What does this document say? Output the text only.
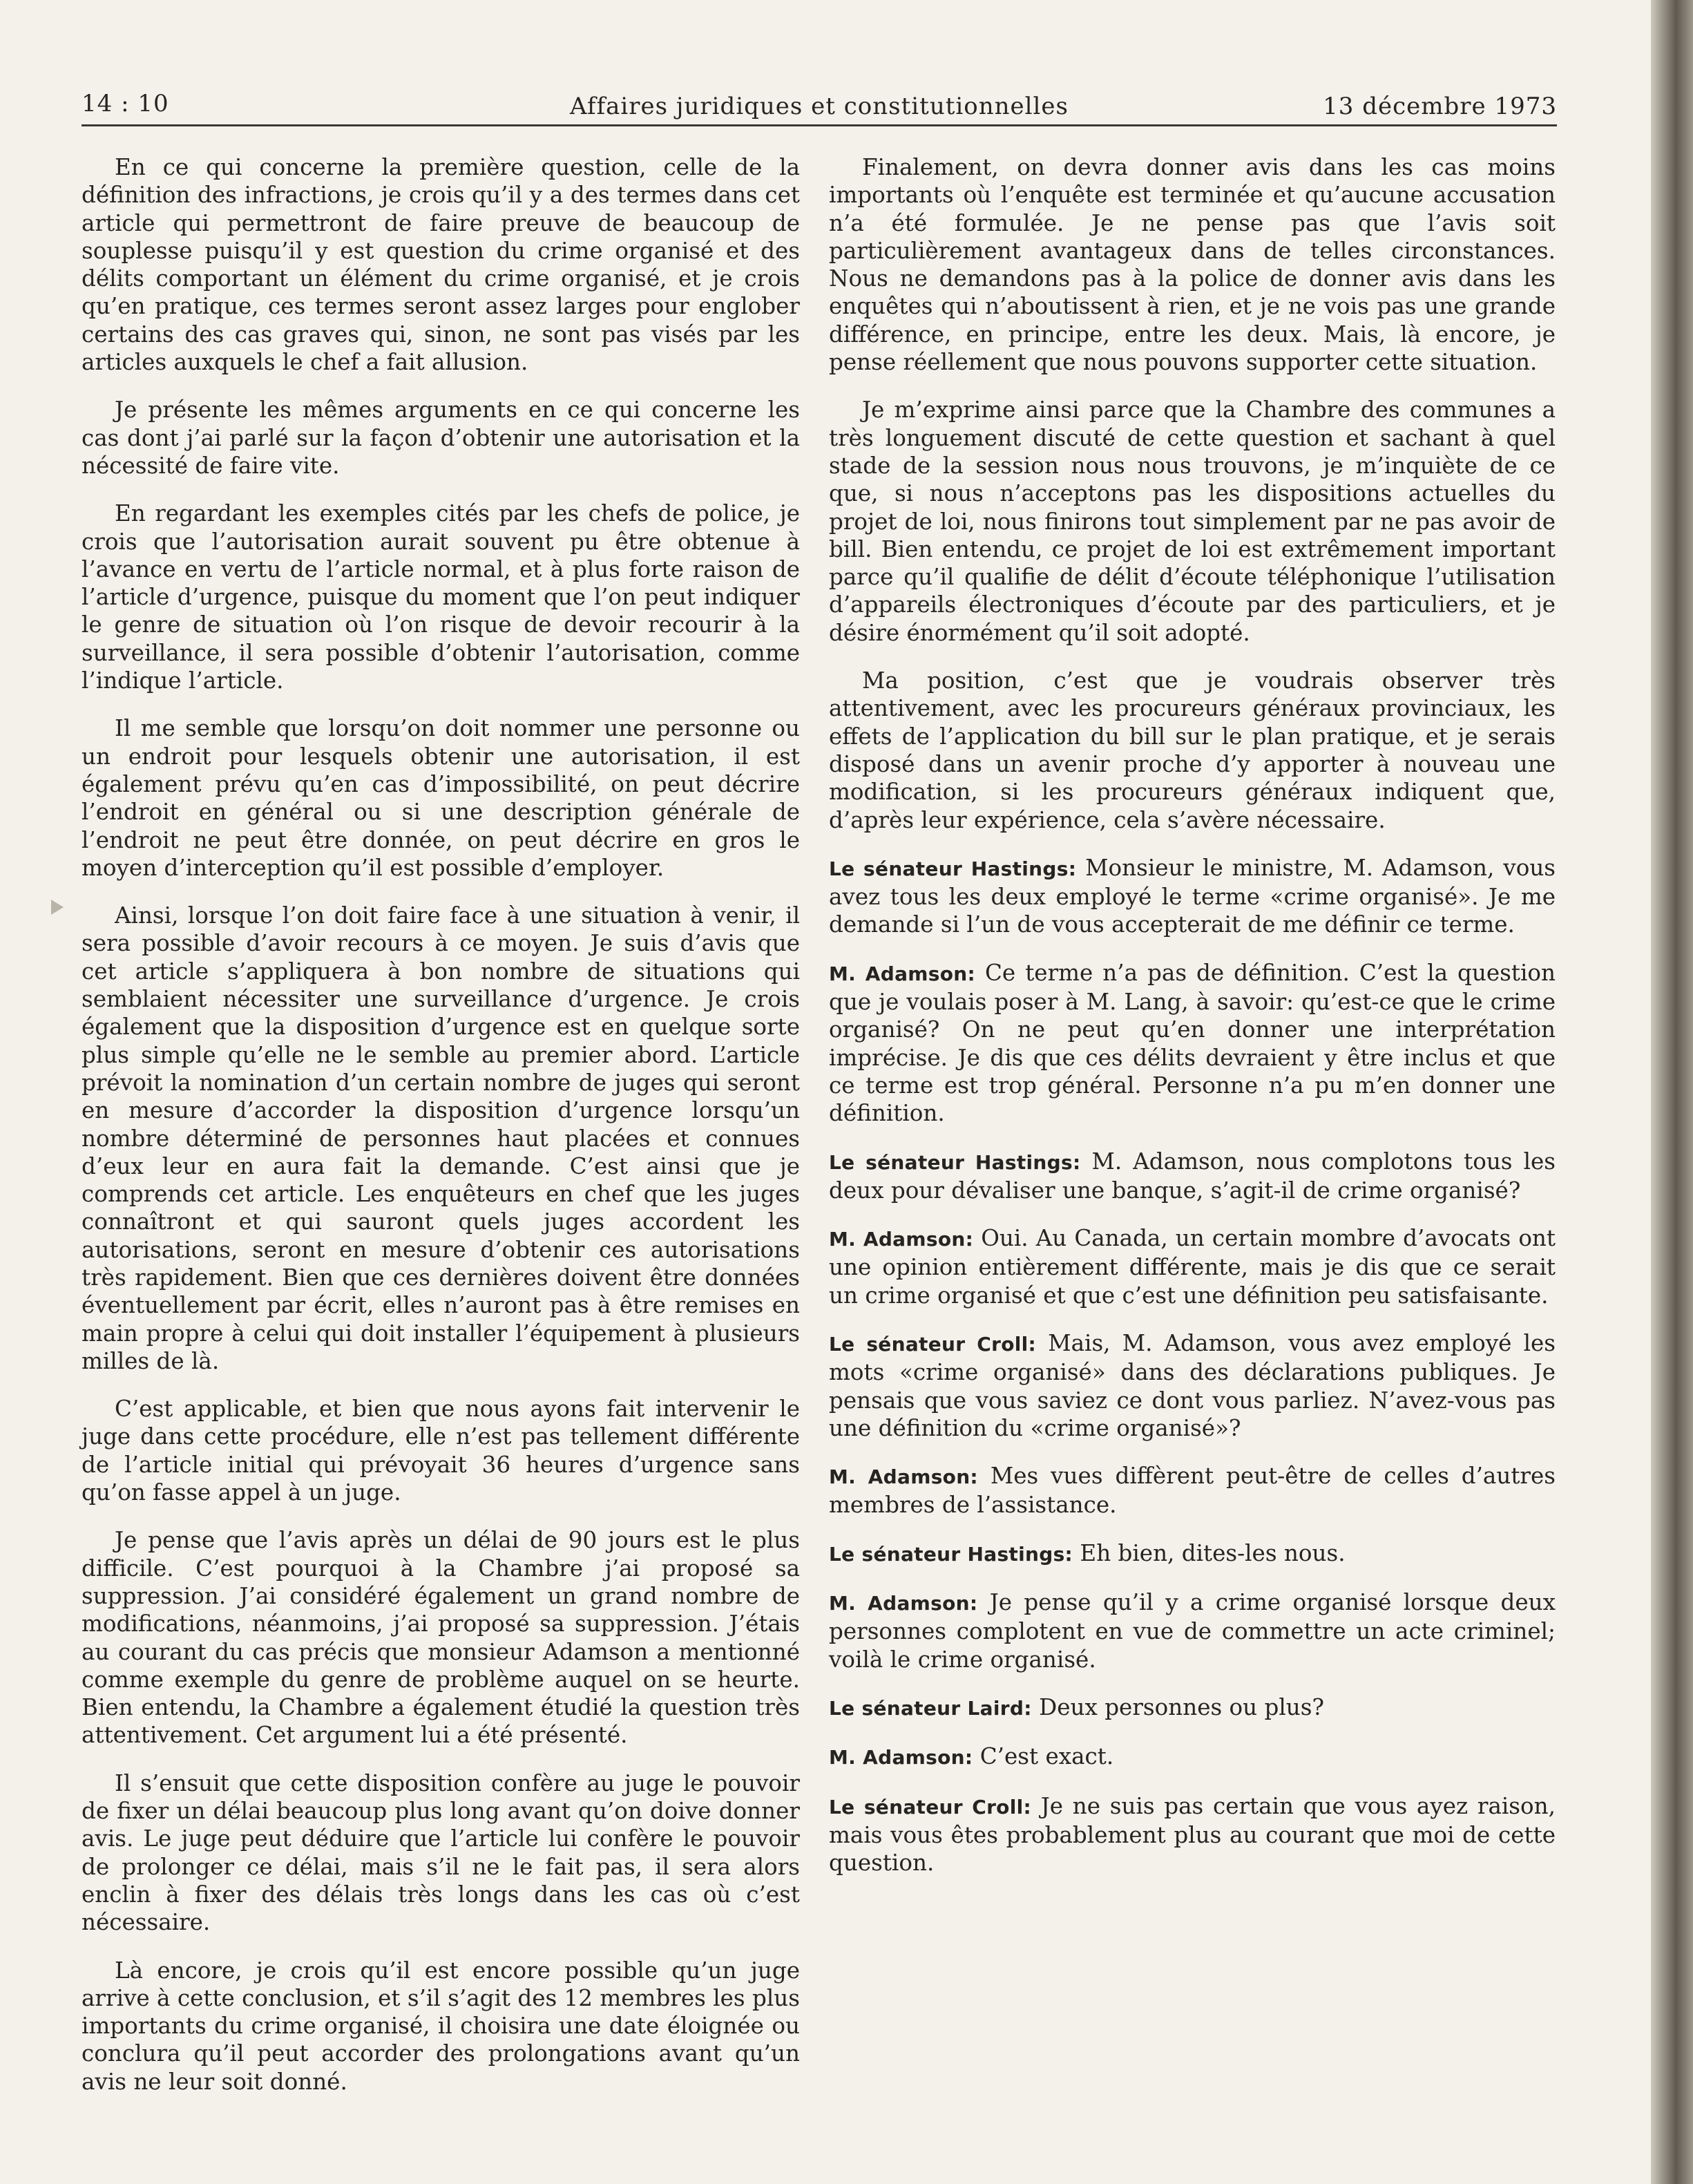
14 : 10	Affaires juridiques et constitutionnelles	13 décembre 1973

En ce qui concerne la première question, celle de la définition des infractions, je crois qu’il y a des termes dans cet article qui permettront de faire preuve de beaucoup de souplesse puisqu’il y est question du crime organisé et des délits comportant un élément du crime organisé, et je crois qu’en pratique, ces termes seront assez larges pour englober certains des cas graves qui, sinon, ne sont pas visés par les articles auxquels le chef a fait allusion.

Je présente les mêmes arguments en ce qui concerne les cas dont j’ai parlé sur la façon d’obtenir une autorisation et la nécessité de faire vite.

En regardant les exemples cités par les chefs de police, je crois que l’autorisation aurait souvent pu être obtenue à l’avance en vertu de l’article normal, et à plus forte raison de l’article d’urgence, puisque du moment que l’on peut indiquer le genre de situation où l’on risque de devoir recourir à la surveillance, il sera possible d’obtenir l’autorisation, comme l’indique l’article.

Il me semble que lorsqu’on doit nommer une personne ou un endroit pour lesquels obtenir une autorisation, il est également prévu qu’en cas d’impossibilité, on peut décrire l’endroit en général ou si une description générale de l’endroit ne peut être donnée, on peut décrire en gros le moyen d’interception qu’il est possible d’employer.

Ainsi, lorsque l’on doit faire face à une situation à venir, il sera possible d’avoir recours à ce moyen. Je suis d’avis que cet article s’appliquera à bon nombre de situations qui semblaient nécessiter une surveillance d’urgence. Je crois également que la disposition d’urgence est en quelque sorte plus simple qu’elle ne le semble au premier abord. L’article prévoit la nomination d’un certain nombre de juges qui seront en mesure d’accorder la disposition d’urgence lorsqu’un nombre déterminé de personnes haut placées et connues d’eux leur en aura fait la demande. C’est ainsi que je comprends cet article. Les enquêteurs en chef que les juges connaîtront et qui sauront quels juges accordent les autorisations, seront en mesure d’obtenir ces autorisations très rapidement. Bien que ces dernières doivent être données éventuellement par écrit, elles n’auront pas à être remises en main propre à celui qui doit installer l’équipement à plusieurs milles de là.

C’est applicable, et bien que nous ayons fait intervenir le juge dans cette procédure, elle n’est pas tellement différente de l’article initial qui prévoyait 36 heures d’urgence sans qu’on fasse appel à un juge.

Je pense que l’avis après un délai de 90 jours est le plus difficile. C’est pourquoi à la Chambre j’ai proposé sa suppression. J’ai considéré également un grand nombre de modifications, néanmoins, j’ai proposé sa suppression. J’étais au courant du cas précis que monsieur Adamson a mentionné comme exemple du genre de problème auquel on se heurte. Bien entendu, la Chambre a également étudié la question très attentivement. Cet argument lui a été présenté.

Il s’ensuit que cette disposition confère au juge le pouvoir de fixer un délai beaucoup plus long avant qu’on doive donner avis. Le juge peut déduire que l’article lui confère le pouvoir de prolonger ce délai, mais s’il ne le fait pas, il sera alors enclin à fixer des délais très longs dans les cas où c’est nécessaire.

Là encore, je crois qu’il est encore possible qu’un juge arrive à cette conclusion, et s’il s’agit des 12 membres les plus importants du crime organisé, il choisira une date éloignée ou conclura qu’il peut accorder des prolongations avant qu’un avis ne leur soit donné.

Finalement, on devra donner avis dans les cas moins importants où l’enquête est terminée et qu’aucune accusation n’a été formulée. Je ne pense pas que l’avis soit particulièrement avantageux dans de telles circonstances. Nous ne demandons pas à la police de donner avis dans les enquêtes qui n’aboutissent à rien, et je ne vois pas une grande différence, en principe, entre les deux. Mais, là encore, je pense réellement que nous pouvons supporter cette situation.

Je m’exprime ainsi parce que la Chambre des communes a très longuement discuté de cette question et sachant à quel stade de la session nous nous trouvons, je m’inquiète de ce que, si nous n’acceptons pas les dispositions actuelles du projet de loi, nous finirons tout simplement par ne pas avoir de bill. Bien entendu, ce projet de loi est extrêmement important parce qu’il qualifie de délit d’écoute téléphonique l’utilisation d’appareils électroniques d’écoute par des particuliers, et je désire énormément qu’il soit adopté.

Ma position, c’est que je voudrais observer très attentivement, avec les procureurs généraux provinciaux, les effets de l’application du bill sur le plan pratique, et je serais disposé dans un avenir proche d’y apporter à nouveau une modification, si les procureurs généraux indiquent que, d’après leur expérience, cela s’avère nécessaire.

Le sénateur Hastings: Monsieur le ministre, M. Adamson, vous avez tous les deux employé le terme «crime organisé». Je me demande si l’un de vous accepterait de me définir ce terme.

M. Adamson: Ce terme n’a pas de définition. C’est la question que je voulais poser à M. Lang, à savoir: qu’est-ce que le crime organisé? On ne peut qu’en donner une interprétation imprécise. Je dis que ces délits devraient y être inclus et que ce terme est trop général. Personne n’a pu m’en donner une définition.

Le sénateur Hastings: M. Adamson, nous complotons tous les deux pour dévaliser une banque, s’agit-il de crime organisé?

M. Adamson: Oui. Au Canada, un certain mombre d’avocats ont une opinion entièrement différente, mais je dis que ce serait un crime organisé et que c’est une définition peu satisfaisante.

Le sénateur Croll: Mais, M. Adamson, vous avez employé les mots «crime organisé» dans des déclarations publiques. Je pensais que vous saviez ce dont vous parliez. N’avez-vous pas une définition du «crime organisé»?

M. Adamson: Mes vues diffèrent peut-être de celles d’autres membres de l’assistance.

Le sénateur Hastings: Eh bien, dites-les nous.

M. Adamson: Je pense qu’il y a crime organisé lorsque deux personnes complotent en vue de commettre un acte criminel; voilà le crime organisé.

Le sénateur Laird: Deux personnes ou plus?

M. Adamson: C’est exact.

Le sénateur Croll: Je ne suis pas certain que vous ayez raison, mais vous êtes probablement plus au courant que moi de cette question.
